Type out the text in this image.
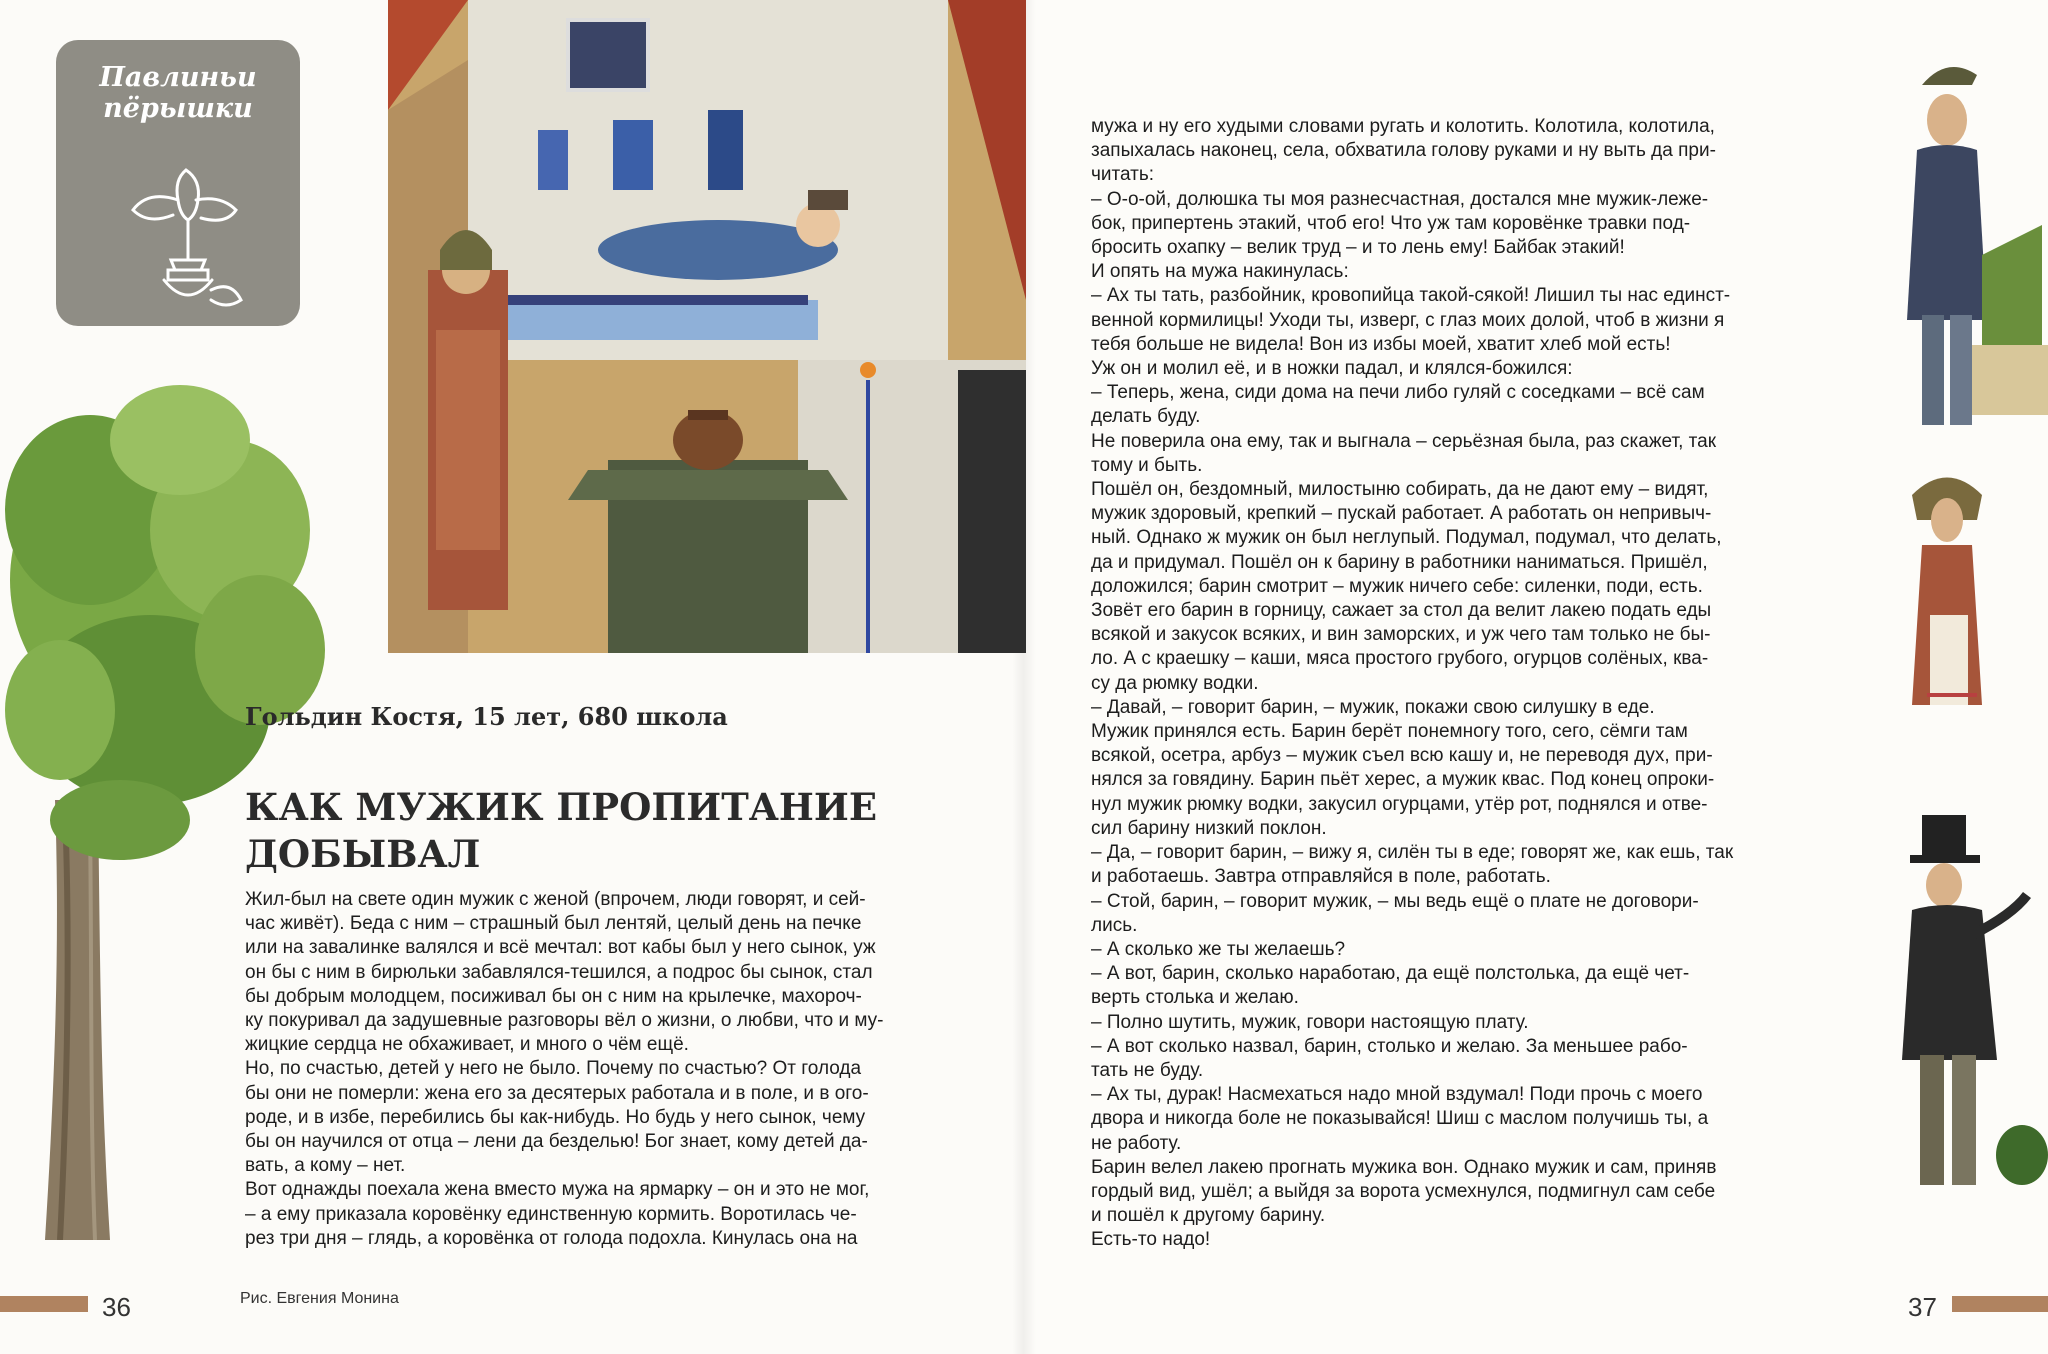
Павлиньи
пёрышки
Гольдин Костя, 15 лет, 680 школа
КАК МУЖИК ПРОПИТАНИЕ ДОБЫВАЛ
Жил-был на свете один мужик с женой (впрочем, люди говорят, и сей-
час живёт). Беда с ним – страшный был лентяй, целый день на печке
или на завалинке валялся и всё мечтал: вот кабы был у него сынок, уж
он бы с ним в бирюльки забавлялся-тешился, а подрос бы сынок, стал
бы добрым молодцем, посиживал бы он с ним на крылечке, махороч-
ку покуривал да задушевные разговоры вёл о жизни, о любви, что и му-
жицкие сердца не обхаживает, и много о чём ещё.
Но, по счастью, детей у него не было. Почему по счастью? От голода
бы они не померли: жена его за десятерых работала и в поле, и в ого-
роде, и в избе, перебились бы как-нибудь. Но будь у него сынок, чему
бы он научился от отца – лени да безделью! Бог знает, кому детей да-
вать, а кому – нет.
Вот однажды поехала жена вместо мужа на ярмарку – он и это не мог,
– а ему приказала коровёнку единственную кормить. Воротилась че-
рез три дня – глядь, а коровёнка от голода подохла. Кинулась она на
мужа и ну его худыми словами ругать и колотить. Колотила, колотила,
запыхалась наконец, села, обхватила голову руками и ну выть да при-
читать:
– О-о-ой, долюшка ты моя разнесчастная, достался мне мужик-леже-
бок, припертень этакий, чтоб его! Что уж там коровёнке травки под-
бросить охапку – велик труд – и то лень ему! Байбак этакий!
И опять на мужа накинулась:
– Ах ты тать, разбойник, кровопийца такой-сякой! Лишил ты нас единст-
венной кормилицы! Уходи ты, изверг, с глаз моих долой, чтоб в жизни я
тебя больше не видела! Вон из избы моей, хватит хлеб мой есть!
Уж он и молил её, и в ножки падал, и клялся-божился:
– Теперь, жена, сиди дома на печи либо гуляй с соседками – всё сам
делать буду.
Не поверила она ему, так и выгнала – серьёзная была, раз скажет, так
тому и быть.
Пошёл он, бездомный, милостыню собирать, да не дают ему – видят,
мужик здоровый, крепкий – пускай работает. А работать он непривыч-
ный. Однако ж мужик он был неглупый. Подумал, подумал, что делать,
да и придумал. Пошёл он к барину в работники наниматься. Пришёл,
доложился; барин смотрит – мужик ничего себе: силенки, поди, есть.
Зовёт его барин в горницу, сажает за стол да велит лакею подать еды
всякой и закусок всяких, и вин заморских, и уж чего там только не бы-
ло. А с краешку – каши, мяса простого грубого, огурцов солёных, ква-
су да рюмку водки.
– Давай, – говорит барин, – мужик, покажи свою силушку в еде.
Мужик принялся есть. Барин берёт понемногу того, сего, сёмги там
всякой, осетра, арбуз – мужик съел всю кашу и, не переводя дух, при-
нялся за говядину. Барин пьёт херес, а мужик квас. Под конец опроки-
нул мужик рюмку водки, закусил огурцами, утёр рот, поднялся и отве-
сил барину низкий поклон.
– Да, – говорит барин, – вижу я, силён ты в еде; говорят же, как ешь, так
и работаешь. Завтра отправляйся в поле, работать.
– Стой, барин, – говорит мужик, – мы ведь ещё о плате не договори-
лись.
– А сколько же ты желаешь?
– А вот, барин, сколько наработаю, да ещё полстолька, да ещё чет-
верть столька и желаю.
– Полно шутить, мужик, говори настоящую плату.
– А вот сколько назвал, барин, столько и желаю. За меньшее рабо-
тать не буду.
– Ах ты, дурак! Насмехаться надо мной вздумал! Поди прочь с моего
двора и никогда боле не показывайся! Шиш с маслом получишь ты, а
не работу.
Барин велел лакею прогнать мужика вон. Однако мужик и сам, приняв
гордый вид, ушёл; а выйдя за ворота усмехнулся, подмигнул сам себе
и пошёл к другому барину.
Есть-то надо!
36	Рис. Евгения Монина	37
